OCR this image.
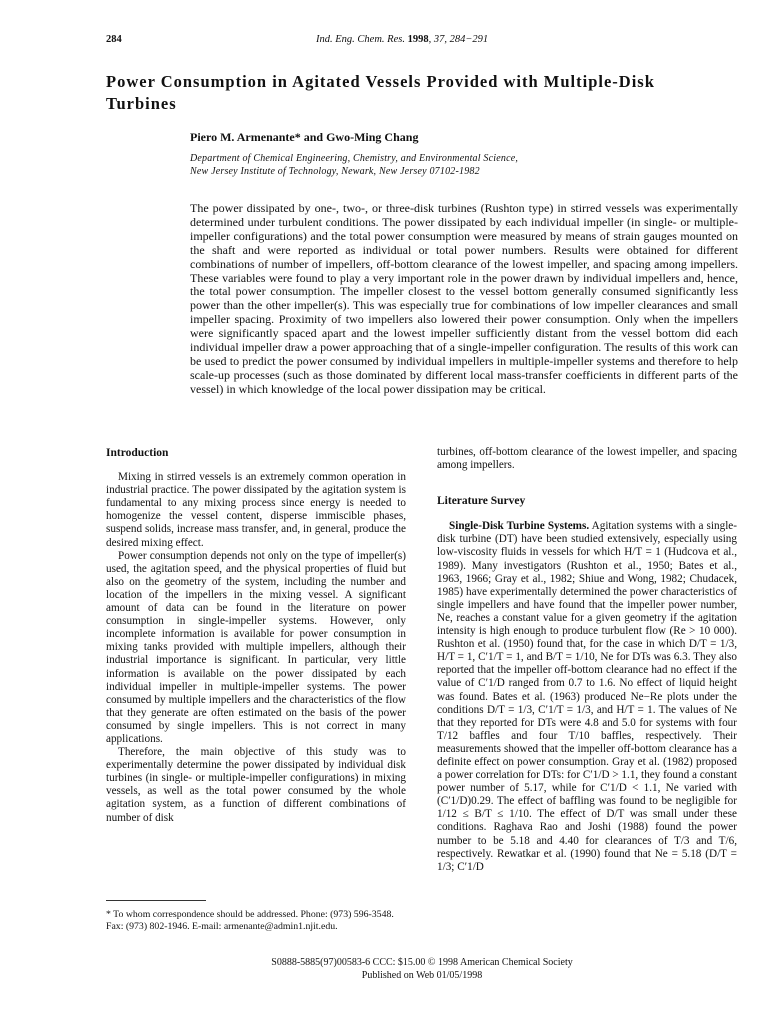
284	Ind. Eng. Chem. Res. 1998, 37, 284−291
Power Consumption in Agitated Vessels Provided with Multiple-Disk Turbines
Piero M. Armenante* and Gwo-Ming Chang
Department of Chemical Engineering, Chemistry, and Environmental Science,
New Jersey Institute of Technology, Newark, New Jersey 07102-1982

The power dissipated by one-, two-, or three-disk turbines (Rushton type) in stirred vessels was experimentally determined under turbulent conditions. The power dissipated by each individual impeller (in single- or multiple-impeller configurations) and the total power consumption were measured by means of strain gauges mounted on the shaft and were reported as individual or total power numbers. Results were obtained for different combinations of number of impellers, off-bottom clearance of the lowest impeller, and spacing among impellers. These variables were found to play a very important role in the power drawn by individual impellers and, hence, the total power consumption. The impeller closest to the vessel bottom generally consumed significantly less power than the other impeller(s). This was especially true for combinations of low impeller clearances and small impeller spacing. Proximity of two impellers also lowered their power consumption. Only when the impellers were significantly spaced apart and the lowest impeller sufficiently distant from the vessel bottom did each individual impeller draw a power approaching that of a single-impeller configuration. The results of this work can be used to predict the power consumed by individual impellers in multiple-impeller systems and therefore to help scale-up processes (such as those dominated by different local mass-transfer coefficients in different parts of the vessel) in which knowledge of the local power dissipation may be critical.

Introduction

Mixing in stirred vessels is an extremely common operation in industrial practice. The power dissipated by the agitation system is fundamental to any mixing process since energy is needed to homogenize the vessel content, disperse immiscible phases, suspend solids, increase mass transfer, and, in general, produce the desired mixing effect.

Power consumption depends not only on the type of impeller(s) used, the agitation speed, and the physical properties of fluid but also on the geometry of the system, including the number and location of the impellers in the mixing vessel. A significant amount of data can be found in the literature on power consumption in single-impeller systems. However, only incomplete information is available for power consumption in mixing tanks provided with multiple impellers, although their industrial importance is significant. In particular, very little information is available on the power dissipated by each individual impeller in multiple-impeller systems. The power consumed by multiple impellers and the characteristics of the flow that they generate are often estimated on the basis of the power consumed by single impellers. This is not correct in many applications.

Therefore, the main objective of this study was to experimentally determine the power dissipated by individual disk turbines (in single- or multiple-impeller configurations) in mixing vessels, as well as the total power consumed by the whole agitation system, as a function of different combinations of number of disk

turbines, off-bottom clearance of the lowest impeller, and spacing among impellers.

Literature Survey

Single-Disk Turbine Systems. Agitation systems with a single-disk turbine (DT) have been studied extensively, especially using low-viscosity fluids in vessels for which H/T = 1 (Hudcova et al., 1989). Many investigators (Rushton et al., 1950; Bates et al., 1963, 1966; Gray et al., 1982; Shiue and Wong, 1982; Chudacek, 1985) have experimentally determined the power characteristics of single impellers and have found that the impeller power number, Ne, reaches a constant value for a given geometry if the agitation intensity is high enough to produce turbulent flow (Re > 10 000). Rushton et al. (1950) found that, for the case in which D/T = 1/3, H/T = 1, C′1/T = 1, and B/T = 1/10, Ne for DTs was 6.3. They also reported that the impeller off-bottom clearance had no effect if the value of C′1/D ranged from 0.7 to 1.6. No effect of liquid height was found. Bates et al. (1963) produced Ne−Re plots under the conditions D/T = 1/3, C′1/T = 1/3, and H/T = 1. The values of Ne that they reported for DTs were 4.8 and 5.0 for systems with four T/12 baffles and four T/10 baffles, respectively. Their measurements showed that the impeller off-bottom clearance has a definite effect on power consumption. Gray et al. (1982) proposed a power correlation for DTs: for C′1/D > 1.1, they found a constant power number of 5.17, while for C′1/D < 1.1, Ne varied with (C′1/D)0.29. The effect of baffling was found to be negligible for 1/12 ≤ B/T ≤ 1/10. The effect of D/T was small under these conditions. Raghava Rao and Joshi (1988) found the power number to be 5.18 and 4.40 for clearances of T/3 and T/6, respectively. Rewatkar et al. (1990) found that Ne = 5.18 (D/T = 1/3; C′1/D

* To whom correspondence should be addressed. Phone: (973) 596-3548. Fax: (973) 802-1946. E-mail: armenante@admin1.njit.edu.
S0888-5885(97)00583-6 CCC: $15.00 © 1998 American Chemical Society
Published on Web 01/05/1998
